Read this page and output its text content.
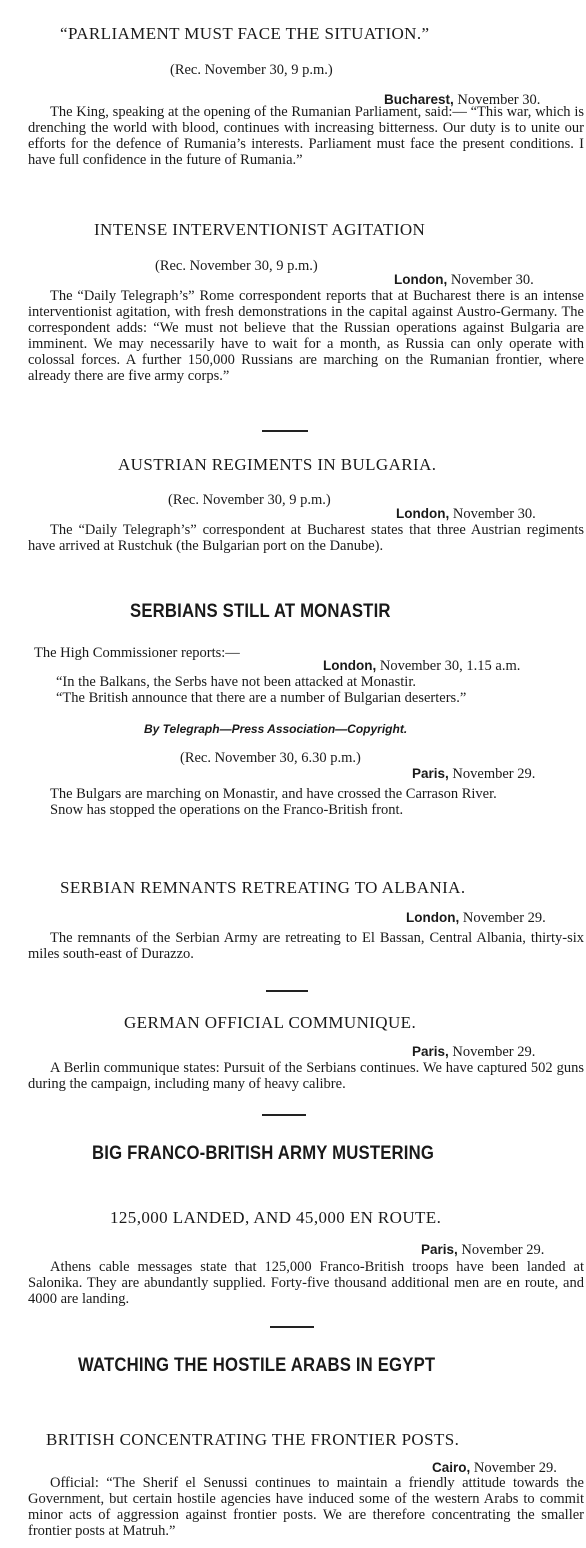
“PARLIAMENT MUST FACE THE SITUATION.”
(Rec. November 30, 9 p.m.)
Bucharest, November 30.

The King, speaking at the opening of the Rumanian Parliament, said:— “This war, which is drenching the world with blood, continues with increasing bitterness. Our duty is to unite our efforts for the defence of Rumania’s interests. Parliament must face the present conditions. I have full confidence in the future of Rumania.”

INTENSE INTERVENTIONIST AGITATION
(Rec. November 30, 9 p.m.)
London, November 30.

The “Daily Telegraph’s” Rome correspondent reports that at Bucharest there is an intense interventionist agitation, with fresh demonstrations in the capital against Austro-Germany. The correspondent adds: “We must not believe that the Russian operations against Bulgaria are imminent. We may necessarily have to wait for a month, as Russia can only operate with colossal forces. A further 150,000 Russians are marching on the Rumanian frontier, where already there are five army corps.”

AUSTRIAN REGIMENTS IN BULGARIA.
(Rec. November 30, 9 p.m.)
London, November 30.

The “Daily Telegraph’s” correspondent at Bucharest states that three Austrian regiments have arrived at Rustchuk (the Bulgarian port on the Danube).

SERBIANS STILL AT MONASTIR
The High Commissioner reports:—
London, November 30, 1.15 a.m.
“In the Balkans, the Serbs have not been attacked at Monastir.
“The British announce that there are a number of Bulgarian deserters.”
By Telegraph—Press Association—Copyright.
(Rec. November 30, 6.30 p.m.)
Paris, November 29.

The Bulgars are marching on Monastir, and have crossed the Carrason River.

Snow has stopped the operations on the Franco-British front.

SERBIAN REMNANTS RETREATING TO ALBANIA.
London, November 29.

The remnants of the Serbian Army are retreating to El Bassan, Central Albania, thirty-six miles south-east of Durazzo.

GERMAN OFFICIAL COMMUNIQUE.
Paris, November 29.

A Berlin communique states: Pursuit of the Serbians continues. We have captured 502 guns during the campaign, including many of heavy calibre.

BIG FRANCO-BRITISH ARMY MUSTERING
125,000 LANDED, AND 45,000 EN ROUTE.
Paris, November 29.

Athens cable messages state that 125,000 Franco-British troops have been landed at Salonika. They are abundantly supplied. Forty-five thousand additional men are en route, and 4000 are landing.

WATCHING THE HOSTILE ARABS IN EGYPT
BRITISH CONCENTRATING THE FRONTIER POSTS.
Cairo, November 29.

Official: “The Sherif el Senussi continues to maintain a friendly attitude towards the Government, but certain hostile agencies have induced some of the western Arabs to commit minor acts of aggression against frontier posts. We are therefore concentrating the smaller frontier posts at Matruh.”
